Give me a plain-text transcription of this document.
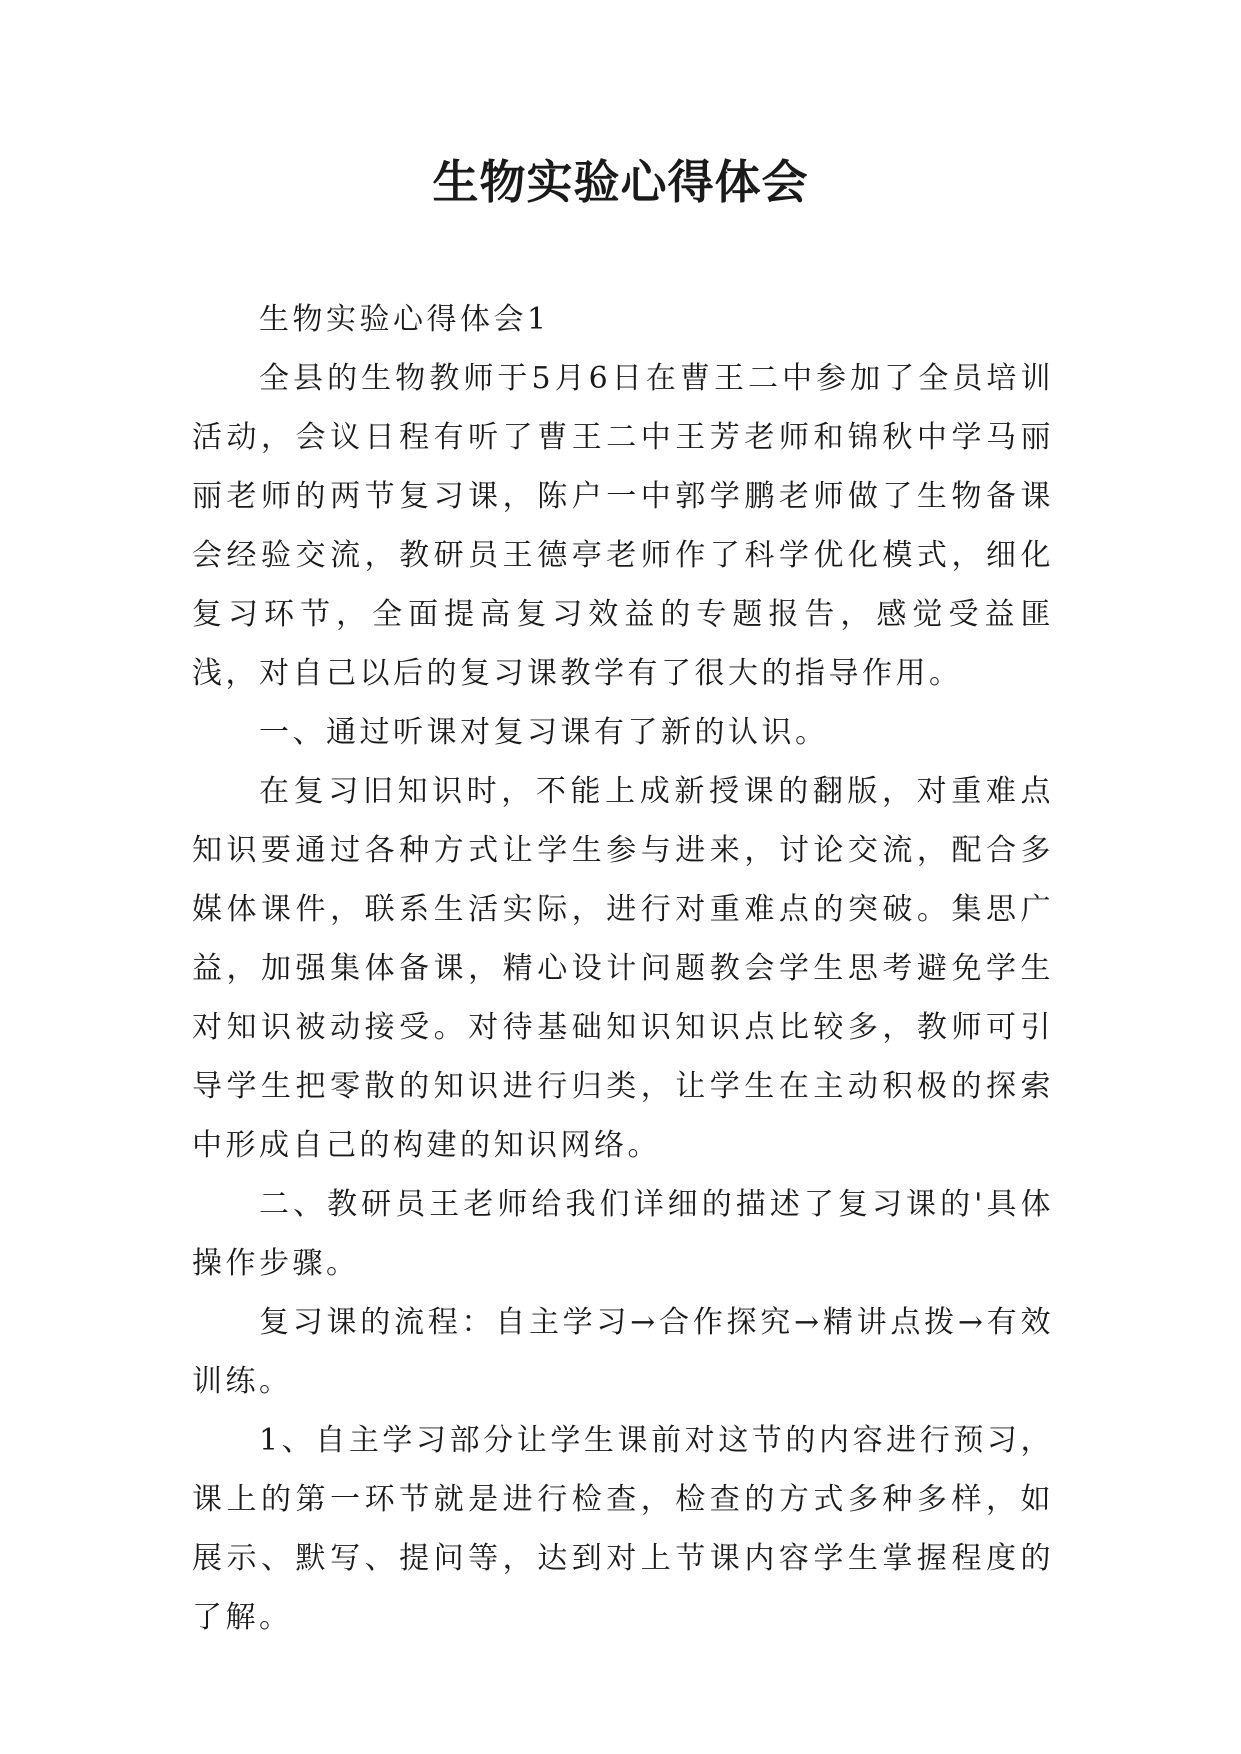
生物实验心得体会

生物实验心得体会1

全县的生物教师于5月6日在曹王二中参加了全员培训活动，会议日程有听了曹王二中王芳老师和锦秋中学马丽丽老师的两节复习课，陈户一中郭学鹏老师做了生物备课会经验交流，教研员王德亭老师作了科学优化模式，细化复习环节，全面提高复习效益的专题报告，感觉受益匪浅，对自己以后的复习课教学有了很大的指导作用。

一、通过听课对复习课有了新的认识。

在复习旧知识时，不能上成新授课的翻版，对重难点知识要通过各种方式让学生参与进来，讨论交流，配合多媒体课件，联系生活实际，进行对重难点的突破。集思广益，加强集体备课，精心设计问题教会学生思考避免学生对知识被动接受。对待基础知识知识点比较多，教师可引导学生把零散的知识进行归类，让学生在主动积极的探索中形成自己的构建的知识网络。

二、教研员王老师给我们详细的描述了复习课的'具体操作步骤。

复习课的流程：自主学习→合作探究→精讲点拨→有效训练。

1、自主学习部分让学生课前对这节的内容进行预习，课上的第一环节就是进行检查，检查的方式多种多样，如展示、默写、提问等，达到对上节课内容学生掌握程度的了解。
